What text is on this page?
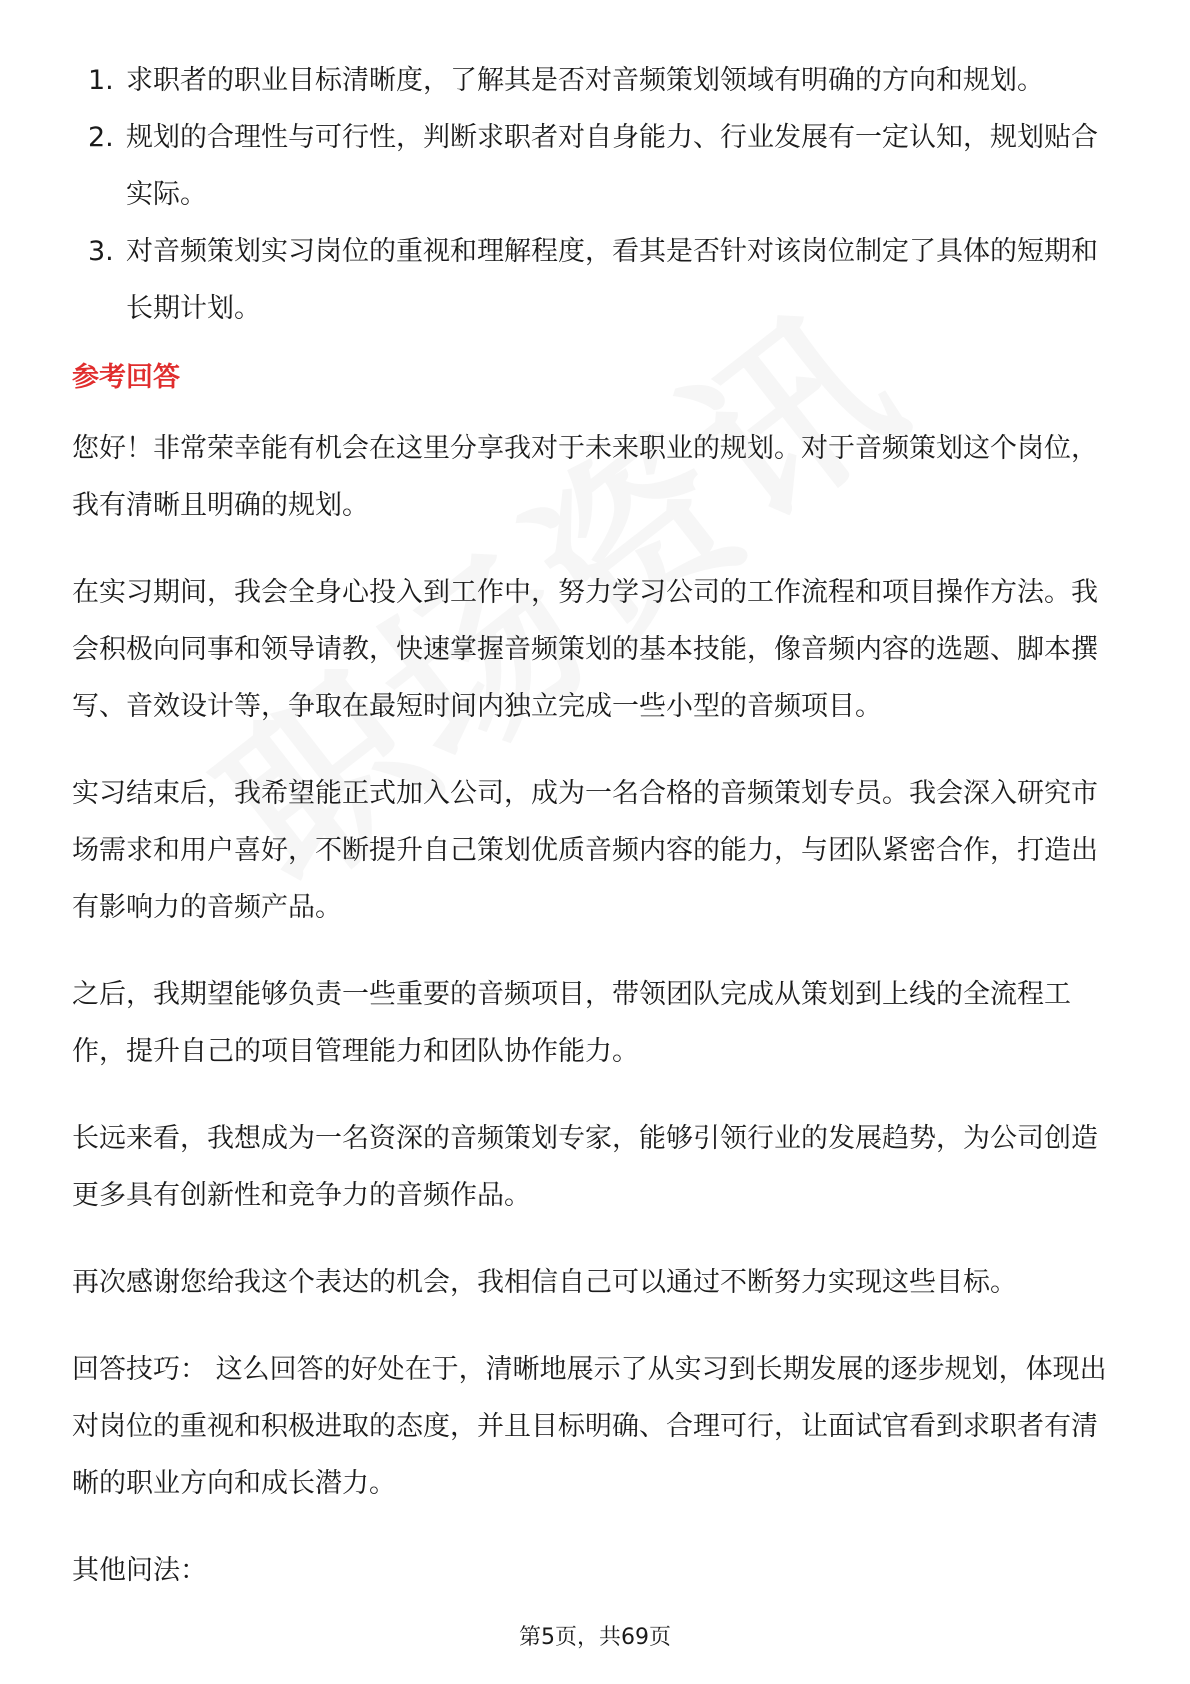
1. 求职者的职业目标清晰度，了解其是否对音频策划领域有明确的方向和规划。
2. 规划的合理性与可行性，判断求职者对自身能力、行业发展有一定认知，规划贴合实际。
3. 对音频策划实习岗位的重视和理解程度，看其是否针对该岗位制定了具体的短期和长期计划。
参考回答

您好！非常荣幸能有机会在这里分享我对于未来职业的规划。对于音频策划这个岗位，我有清晰且明确的规划。

在实习期间，我会全身心投入到工作中，努力学习公司的工作流程和项目操作方法。我会积极向同事和领导请教，快速掌握音频策划的基本技能，像音频内容的选题、脚本撰写、音效设计等，争取在最短时间内独立完成一些小型的音频项目。

实习结束后，我希望能正式加入公司，成为一名合格的音频策划专员。我会深入研究市场需求和用户喜好，不断提升自己策划优质音频内容的能力，与团队紧密合作，打造出有影响力的音频产品。

之后，我期望能够负责一些重要的音频项目，带领团队完成从策划到上线的全流程工作，提升自己的项目管理能力和团队协作能力。

长远来看，我想成为一名资深的音频策划专家，能够引领行业的发展趋势，为公司创造更多具有创新性和竞争力的音频作品。

再次感谢您给我这个表达的机会，我相信自己可以通过不断努力实现这些目标。

回答技巧： 这么回答的好处在于，清晰地展示了从实习到长期发展的逐步规划，体现出对岗位的重视和积极进取的态度，并且目标明确、合理可行，让面试官看到求职者有清晰的职业方向和成长潜力。

其他问法：

第5页，共69页
